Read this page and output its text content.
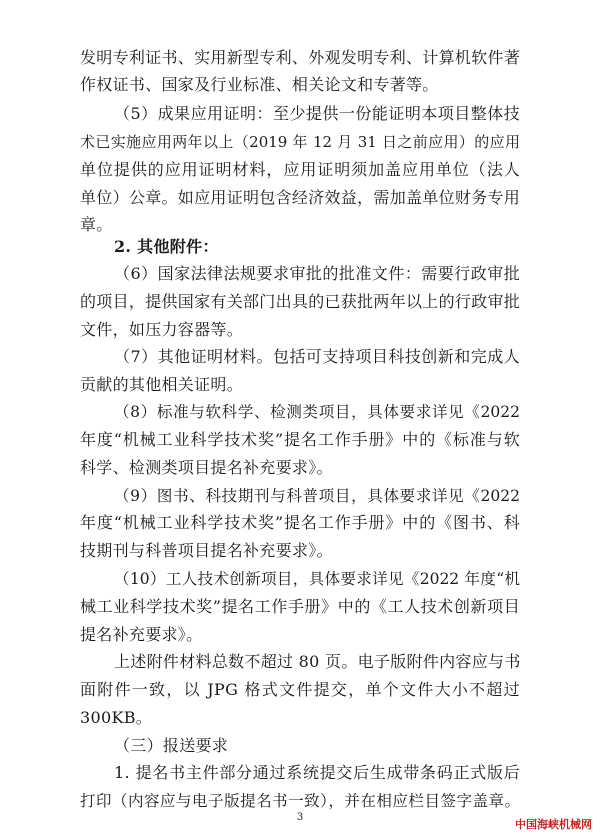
发明专利证书、实用新型专利、外观发明专利、计算机软件著
作权证书、国家及行业标准、相关论文和专著等。
（5）成果应用证明：至少提供一份能证明本项目整体技
术已实施应用两年以上（2019 年 12 月 31 日之前应用）的应用
单位提供的应用证明材料，应用证明须加盖应用单位（法人
单位）公章。如应用证明包含经济效益，需加盖单位财务专用
章。
2. 其他附件：
（6）国家法律法规要求审批的批准文件：需要行政审批
的项目，提供国家有关部门出具的已获批两年以上的行政审批
文件，如压力容器等。
（7）其他证明材料。包括可支持项目科技创新和完成人
贡献的其他相关证明。
（8）标准与软科学、检测类项目，具体要求详见《2022
年度“机械工业科学技术奖”提名工作手册》中的《标准与软
科学、检测类项目提名补充要求》。
（9）图书、科技期刊与科普项目，具体要求详见《2022
年度“机械工业科学技术奖”提名工作手册》中的《图书、科
技期刊与科普项目提名补充要求》。
（10）工人技术创新项目，具体要求详见《2022 年度“机
械工业科学技术奖”提名工作手册》中的《工人技术创新项目
提名补充要求》。
上述附件材料总数不超过 80 页。电子版附件内容应与书
面附件一致，以 JPG 格式文件提交，单个文件大小不超过
300KB。
（三）报送要求
1. 提名书主件部分通过系统提交后生成带条码正式版后
打印（内容应与电子版提名书一致），并在相应栏目签字盖章。
3
中国海峡机械网
